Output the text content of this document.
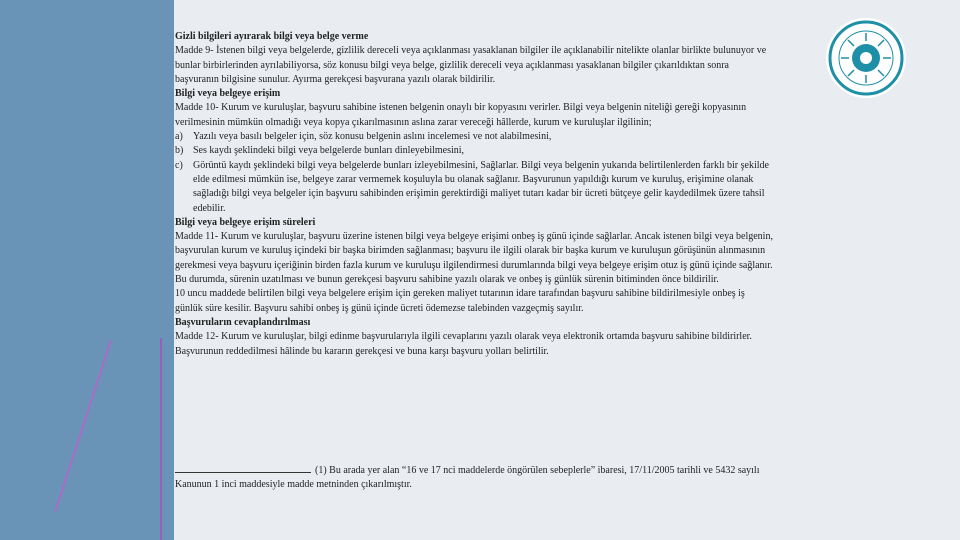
Gizli bilgileri ayırarak bilgi veya belge verme

Madde 9- İstenen bilgi veya belgelerde, gizlilik dereceli veya açıklanması yasaklanan bilgiler ile açıklanabilir nitelikte olanlar birlikte bulunuyor ve bunlar birbirlerinden ayrılabiliyorsa, söz konusu bilgi veya belge, gizlilik dereceli veya açıklanması yasaklanan bilgiler çıkarıldıktan sonra başvuranın bilgisine sunulur. Ayırma gerekçesi başvurana yazılı olarak bildirilir.

Bilgi veya belgeye erişim

Madde 10- Kurum ve kuruluşlar, başvuru sahibine istenen belgenin onaylı bir kopyasını verirler. Bilgi veya belgenin niteliği gereği kopyasının verilmesinin mümkün olmadığı veya kopya çıkarılmasının aslına zarar vereceği hâllerde, kurum ve kuruluşlar ilgilinin;

a)	Yazılı veya basılı belgeler için, söz konusu belgenin aslını incelemesi ve not alabilmesini,
b) Ses kaydı şeklindeki bilgi veya belgelerde bunları dinleyebilmesini,
c)	Görüntü kaydı şeklindeki bilgi veya belgelerde bunları izleyebilmesini, Sağlarlar. Bilgi veya belgenin yukarıda belirtilenlerden farklı bir şekilde elde edilmesi mümkün ise, belgeye zarar vermemek koşuluyla bu olanak sağlanır. Başvurunun yapıldığı kurum ve kuruluş, erişimine olanak sağladığı bilgi veya belgeler için başvuru sahibinden erişimin gerektirdiği maliyet tutarı kadar bir ücreti bütçeye gelir kaydedilmek üzere tahsil edebilir.

Bilgi veya belgeye erişim süreleri

Madde 11- Kurum ve kuruluşlar, başvuru üzerine istenen bilgi veya belgeye erişimi onbeş iş günü içinde sağlarlar. Ancak istenen bilgi veya belgenin, başvurulan kurum ve kuruluş içindeki bir başka birimden sağlanması; başvuru ile ilgili olarak bir başka kurum ve kuruluşun görüşünün alınmasının gerekmesi veya başvuru içeriğinin birden fazla kurum ve kuruluşu ilgilendirmesi durumlarında bilgi veya belgeye erişim otuz iş günü içinde sağlanır. Bu durumda, sürenin uzatılması ve bunun gerekçesi başvuru sahibine yazılı olarak ve onbeş iş günlük sürenin bitiminden önce bildirilir.

10 uncu maddede belirtilen bilgi veya belgelere erişim için gereken maliyet tutarının idare tarafından başvuru sahibine bildirilmesiyle onbeş iş günlük süre kesilir. Başvuru sahibi onbeş iş günü içinde ücreti ödemezse talebinden vazgeçmiş sayılır.

Başvuruların cevaplandırılması

Madde 12- Kurum ve kuruluşlar, bilgi edinme başvurularıyla ilgili cevaplarını yazılı olarak veya elektronik ortamda başvuru sahibine bildirirler. Başvurunun reddedilmesi hâlinde bu kararın gerekçesi ve buna karşı başvuru yolları belirtilir.

(1) Bu arada yer alan “16 ve 17 nci maddelerde öngörülen sebeplerle” ibaresi, 17/11/2005 tarihli ve 5432 sayılı Kanunun 1 inci maddesiyle madde metninden çıkarılmıştır.
